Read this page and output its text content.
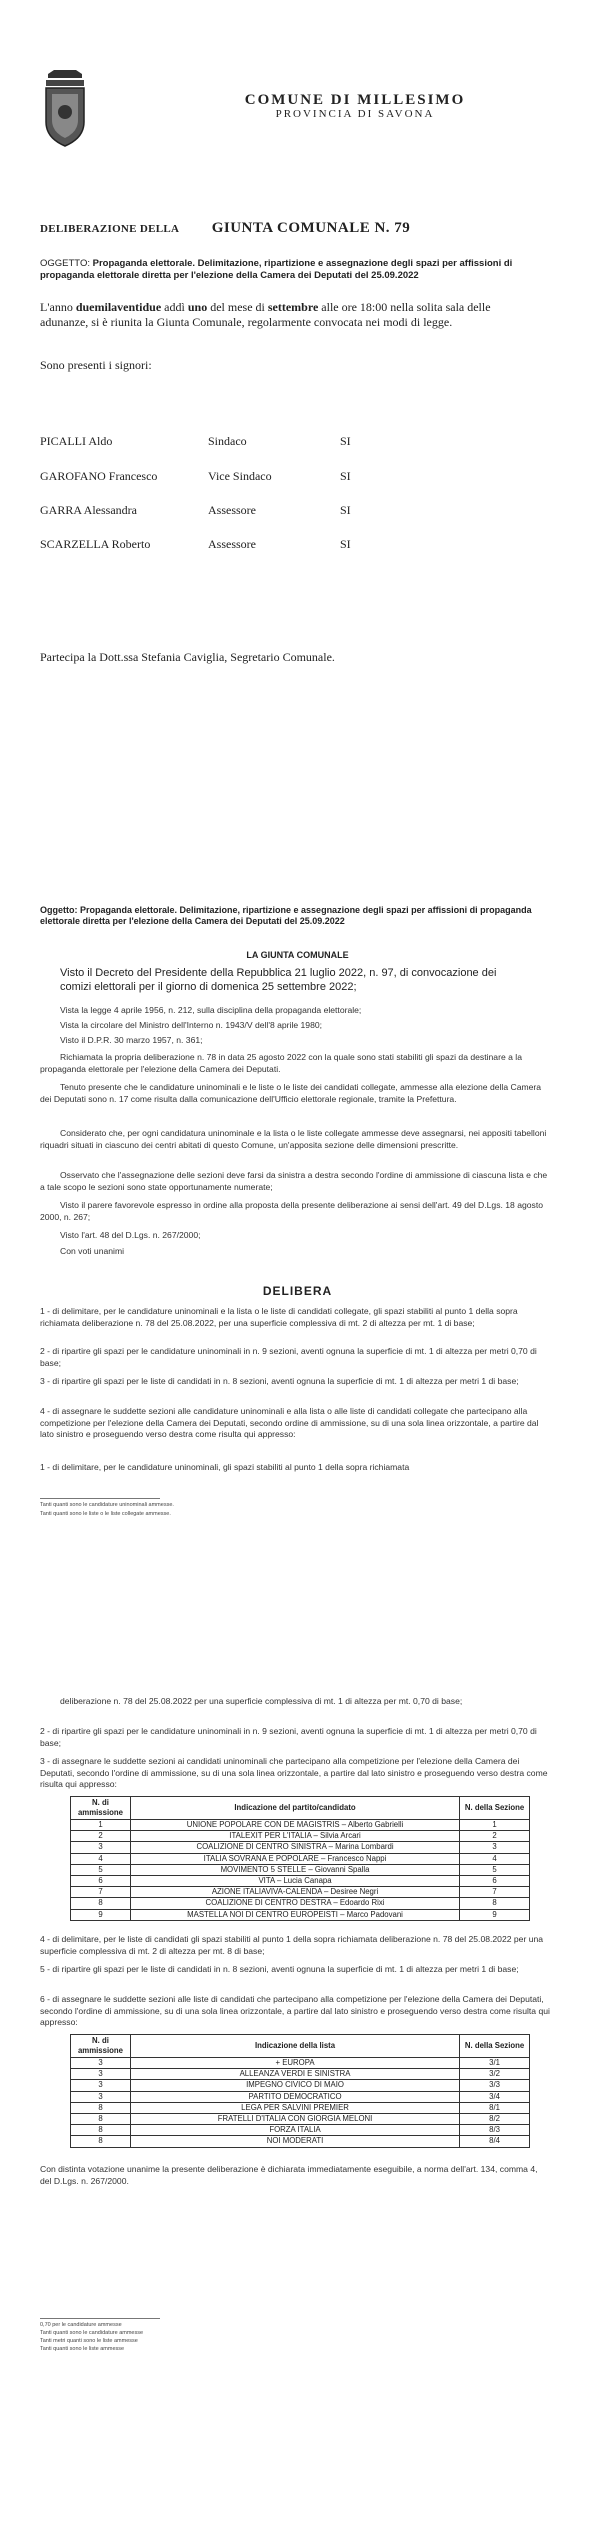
COMUNE DI MILLESIMO
PROVINCIA DI SAVONA
DELIBERAZIONE DELLA GIUNTA COMUNALE N. 79
OGGETTO: Propaganda elettorale. Delimitazione, ripartizione e assegnazione degli spazi per affissioni di propaganda elettorale diretta per l'elezione della Camera dei Deputati del 25.09.2022
L'anno duemilaventidue addì uno del mese di settembre alle ore 18:00 nella solita sala delle adunanze, si è riunita la Giunta Comunale, regolarmente convocata nei modi di legge.
Sono presenti i signori:
PICALLI Aldo	Sindaco	SI
GAROFANO Francesco	Vice Sindaco	SI
GARRA Alessandra	Assessore	SI
SCARZELLA Roberto	Assessore	SI
Partecipa la Dott.ssa Stefania Caviglia, Segretario Comunale.
Oggetto: Propaganda elettorale. Delimitazione, ripartizione e assegnazione degli spazi per affissioni di propaganda elettorale diretta per l'elezione della Camera dei Deputati del 25.09.2022
LA GIUNTA COMUNALE
Visto il Decreto del Presidente della Repubblica 21 luglio 2022, n. 97, di convocazione dei comizi elettorali per il giorno di domenica 25 settembre 2022;
Vista la legge 4 aprile 1956, n. 212, sulla disciplina della propaganda elettorale;
Vista la circolare del Ministro dell'Interno n. 1943/V dell'8 aprile 1980;
Visto il D.P.R. 30 marzo 1957, n. 361;
Richiamata la propria deliberazione n. 78 in data 25 agosto 2022 con la quale sono stati stabiliti gli spazi da destinare a la propaganda elettorale per l'elezione della Camera dei Deputati.
Tenuto presente che le candidature uninominali e le liste o le liste dei candidati collegate, ammesse alla elezione della Camera dei Deputati sono n. 17 come risulta dalla comunicazione dell'Ufficio elettorale regionale, tramite la Prefettura.
Considerato che, per ogni candidatura uninominale e la lista o le liste collegate ammesse deve assegnarsi, nei appositi tabelloni riquadri situati in ciascuno dei centri abitati di questo Comune, un'apposita sezione delle dimensioni prescritte.
Osservato che l'assegnazione delle sezioni deve farsi da sinistra a destra secondo l'ordine di ammissione di ciascuna lista e che a tale scopo le sezioni sono state opportunamente numerate;
Visto il parere favorevole espresso in ordine alla proposta della presente deliberazione ai sensi dell'art. 49 del D.Lgs. 18 agosto 2000, n. 267;
Visto l'art. 48 del D.Lgs. n. 267/2000;
Con voti unanimi
DELIBERA
1 - di delimitare, per le candidature uninominali e la lista o le liste di candidati collegate, gli spazi stabiliti al punto 1 della sopra richiamata deliberazione n. 78 del 25.08.2022, per una superficie complessiva di mt. 2 di altezza per mt. 1 di base;
2 - di ripartire gli spazi per le candidature uninominali in n. 9 sezioni, aventi ognuna la superficie di mt. 1 di altezza per metri 0,70 di base;
3 - di ripartire gli spazi per le liste di candidati in n. 8 sezioni, aventi ognuna la superficie di mt. 1 di altezza per metri 1 di base;
4 - di assegnare le suddette sezioni alle candidature uninominali e alla lista o alle liste di candidati collegate che partecipano alla competizione per l'elezione della Camera dei Deputati, secondo ordine di ammissione, su di una sola linea orizzontale, a partire dal lato sinistro e proseguendo verso destra come risulta qui appresso:
1 - di delimitare, per le candidature uninominali, gli spazi stabiliti al punto 1 della sopra richiamata
Tanti quanti sono le candidature uninominali ammesse.
Tanti quanti sono le liste o le liste collegate ammesse.
deliberazione n. 78 del 25.08.2022 per una superficie complessiva di mt. 1 di altezza per mt. 0,70 di base;
2 - di ripartire gli spazi per le candidature uninominali in n. 9 sezioni, aventi ognuna la superficie di mt. 1 di altezza per metri 0,70 di base;
3 - di assegnare le suddette sezioni ai candidati uninominali che partecipano alla competizione per l'elezione della Camera dei Deputati, secondo l'ordine di ammissione, su di una sola linea orizzontale, a partire dal lato sinistro e proseguendo verso destra come risulta qui appresso:
N. di ammissione	Indicazione del partito/candidato	N. della Sezione
1	UNIONE POPOLARE CON DE MAGISTRIS – Alberto Gabrielli	1
2	ITALEXIT PER L'ITALIA – Silvia Arcari	2
3	COALIZIONE DI CENTRO SINISTRA – Marina Lombardi	3
4	ITALIA SOVRANA E POPOLARE – Francesco Nappi	4
5	MOVIMENTO 5 STELLE – Giovanni Spalla	5
6	VITA – Lucia Canapa	6
7	AZIONE ITALIAVIVA-CALENDA – Desiree Negri	7
8	COALIZIONE DI CENTRO DESTRA – Edoardo Rixi	8
9	MASTELLA NOI DI CENTRO EUROPEISTI – Marco Padovani	9
4 - di delimitare, per le liste di candidati gli spazi stabiliti al punto 1 della sopra richiamata deliberazione n. 78 del 25.08.2022 per una superficie complessiva di mt. 2 di altezza per mt. 8 di base;
5 - di ripartire gli spazi per le liste di candidati in n. 8 sezioni, aventi ognuna la superficie di mt. 1 di altezza per metri 1 di base;
6 - di assegnare le suddette sezioni alle liste di candidati che partecipano alla competizione per l'elezione della Camera dei Deputati, secondo l'ordine di ammissione, su di una sola linea orizzontale, a partire dal lato sinistro e proseguendo verso destra come risulta qui appresso:
N. di ammissione	Indicazione della lista	N. della Sezione
3	+ EUROPA	3/1
3	ALLEANZA VERDI E SINISTRA	3/2
3	IMPEGNO CIVICO DI MAIO	3/3
3	PARTITO DEMOCRATICO	3/4
8	LEGA PER SALVINI PREMIER	8/1
8	FRATELLI D'ITALIA CON GIORGIA MELONI	8/2
8	FORZA ITALIA	8/3
8	NOI MODERATI	8/4
Con distinta votazione unanime la presente deliberazione è dichiarata immediatamente eseguibile, a norma dell'art. 134, comma 4, del D.Lgs. n. 267/2000.
0,70 per le candidature ammesse
Tanti quanti sono le candidature ammesse
Tanti metri quanti sono le liste ammesse
Tanti quanti sono le liste ammesse
